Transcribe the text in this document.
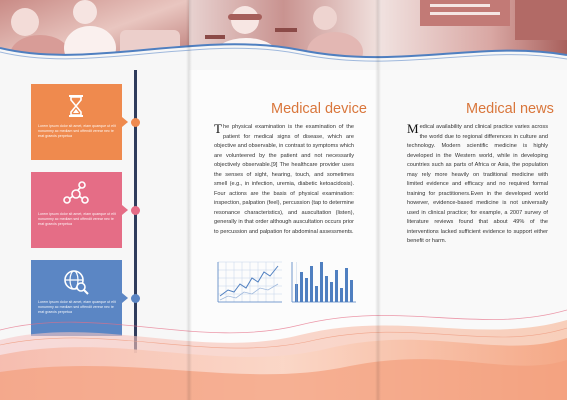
Lorem ipsum dolor sit amet, eiam quaeque ut elit nonummy ac mediam sed offendit verear nec te erat graecis perpetua
Lorem ipsum dolor sit amet, eiam quaeque ut elit nonummy ac mediam sed offendit verear nec te erat graecis perpetua
Lorem ipsum dolor sit amet, eiam quaeque ut elit nonummy ac mediam sed offendit verear nec te erat graecis perpetua
Medical device
The physical examination is the examination of the patient for medical signs of disease, which are objective and observable, in contrast to symptoms which are volunteered by the patient and not necessarily objectively observable.[9] The healthcare provider uses the senses of sight, hearing, touch, and sometimes smell (e.g., in infection, uremia, diabetic ketoacidosis). Four actions are the basis of physical examination: inspection, palpation (feel), percussion (tap to determine resonance characteristics), and auscultation (listen), generally in that order although auscultation occurs prior to percussion and palpation for abdominal assessments.
Medical news
Medical availability and clinical practice varies across the world due to regional differences in culture and technology. Modern scientific medicine is highly developed in the Western world, while in developing countries such as parts of Africa or Asia, the population may rely more heavily on traditional medicine with limited evidence and efficacy and no required formal training for practitioners.Even in the developed world however, evidence-based medicine is not universally used in clinical practice; for example, a 2007 survey of literature reviews found that about 49% of the interventions lacked sufficient evidence to support either benefit or harm.
